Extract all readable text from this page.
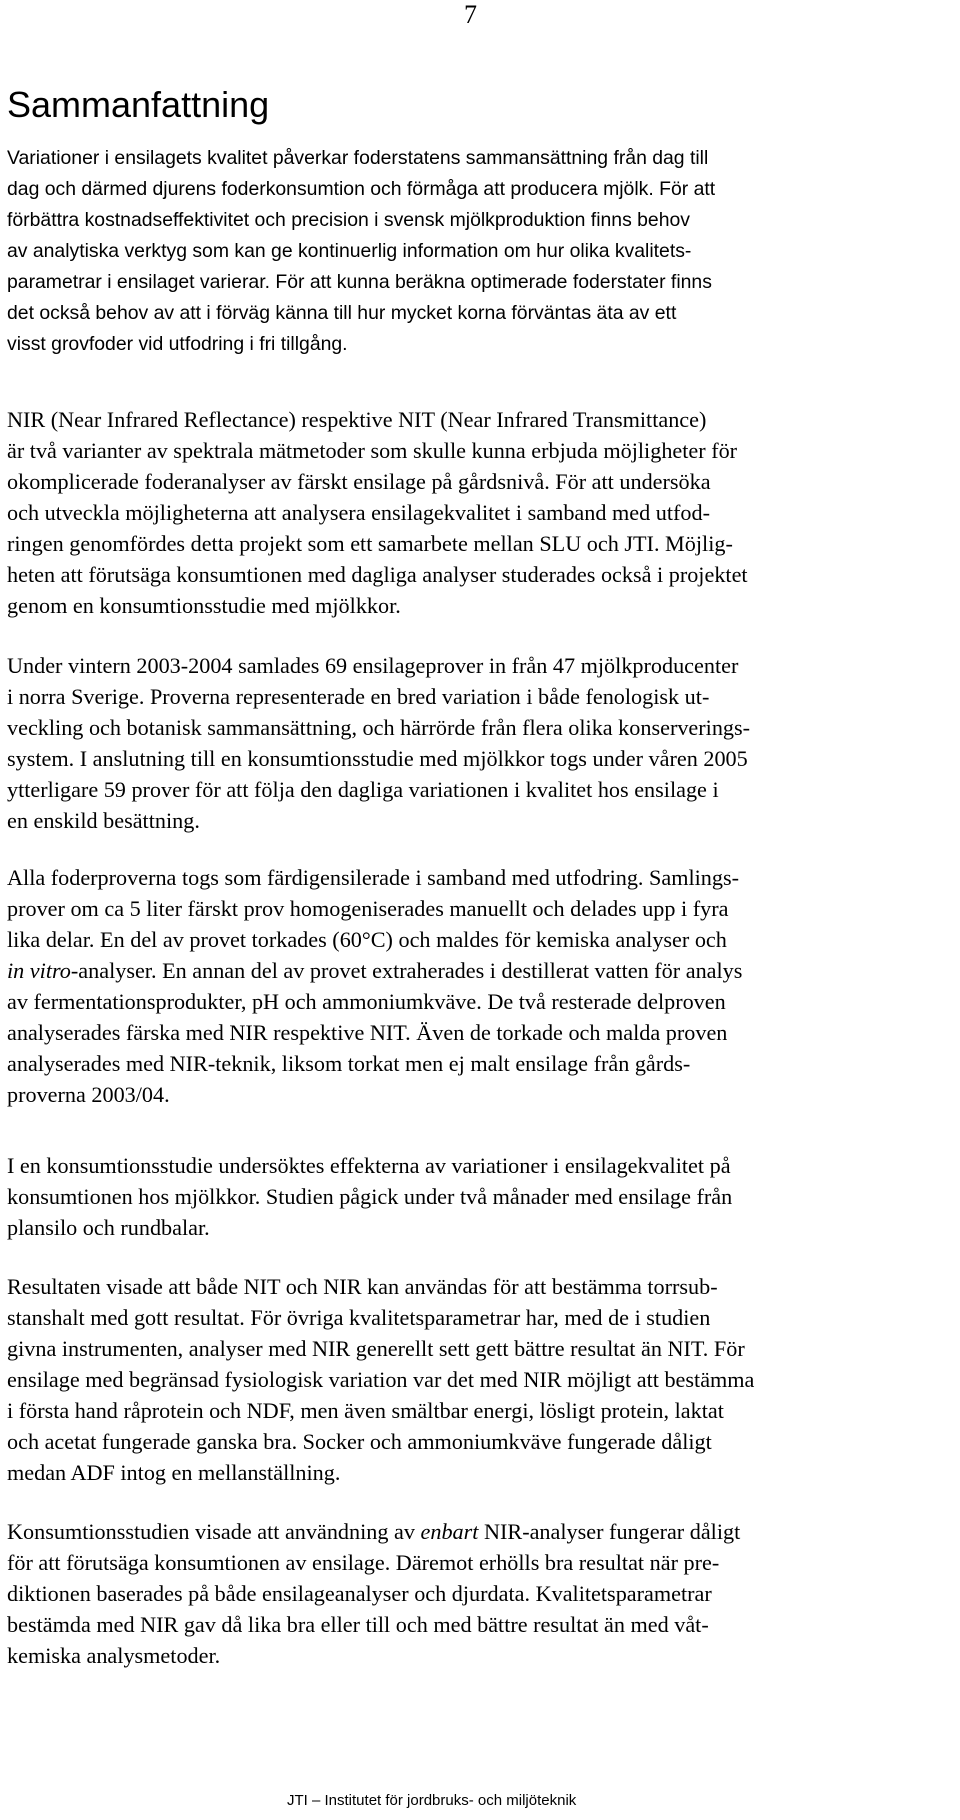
7
Sammanfattning
Variationer i ensilagets kvalitet påverkar foderstatens sammansättning från dag till
dag och därmed djurens foderkonsumtion och förmåga att producera mjölk. För att
förbättra kostnadseffektivitet och precision i svensk mjölkproduktion finns behov
av analytiska verktyg som kan ge kontinuerlig information om hur olika kvalitets-
parametrar i ensilaget varierar. För att kunna beräkna optimerade foderstater finns
det också behov av att i förväg känna till hur mycket korna förväntas äta av ett
visst grovfoder vid utfodring i fri tillgång.
NIR (Near Infrared Reflectance) respektive NIT (Near Infrared Transmittance)
är två varianter av spektrala mätmetoder som skulle kunna erbjuda möjligheter för
okomplicerade foderanalyser av färskt ensilage på gårdsnivå. För att undersöka
och utveckla möjligheterna att analysera ensilagekvalitet i samband med utfod-
ringen genomfördes detta projekt som ett samarbete mellan SLU och JTI. Möjlig-
heten att förutsäga konsumtionen med dagliga analyser studerades också i projektet
genom en konsumtionsstudie med mjölkkor.
Under vintern 2003-2004 samlades 69 ensilageprover in från 47 mjölkproducenter
i norra Sverige. Proverna representerade en bred variation i både fenologisk ut-
veckling och botanisk sammansättning, och härrörde från flera olika konserverings-
system. I anslutning till en konsumtionsstudie med mjölkkor togs under våren 2005
ytterligare 59 prover för att följa den dagliga variationen i kvalitet hos ensilage i
en enskild besättning.
Alla foderproverna togs som färdigensilerade i samband med utfodring. Samlings-
prover om ca 5 liter färskt prov homogeniserades manuellt och delades upp i fyra
lika delar. En del av provet torkades (60°C) och maldes för kemiska analyser och
in vitro-analyser. En annan del av provet extraherades i destillerat vatten för analys
av fermentationsprodukter, pH och ammoniumkväve. De två resterade delproven
analyserades färska med NIR respektive NIT. Även de torkade och malda proven
analyserades med NIR-teknik, liksom torkat men ej malt ensilage från gårds-
proverna 2003/04.
I en konsumtionsstudie undersöktes effekterna av variationer i ensilagekvalitet på
konsumtionen hos mjölkkor. Studien pågick under två månader med ensilage från
plansilo och rundbalar.
Resultaten visade att både NIT och NIR kan användas för att bestämma torrsub-
stanshalt med gott resultat. För övriga kvalitetsparametrar har, med de i studien
givna instrumenten, analyser med NIR generellt sett gett bättre resultat än NIT. För
ensilage med begränsad fysiologisk variation var det med NIR möjligt att bestämma
i första hand råprotein och NDF, men även smältbar energi, lösligt protein, laktat
och acetat fungerade ganska bra. Socker och ammoniumkväve fungerade dåligt
medan ADF intog en mellanställning.
Konsumtionsstudien visade att användning av enbart NIR-analyser fungerar dåligt
för att förutsäga konsumtionen av ensilage. Däremot erhölls bra resultat när pre-
diktionen baserades på både ensilageanalyser och djurdata. Kvalitetsparametrar
bestämda med NIR gav då lika bra eller till och med bättre resultat än med våt-
kemiska analysmetoder.
JTI – Institutet för jordbruks- och miljöteknik
